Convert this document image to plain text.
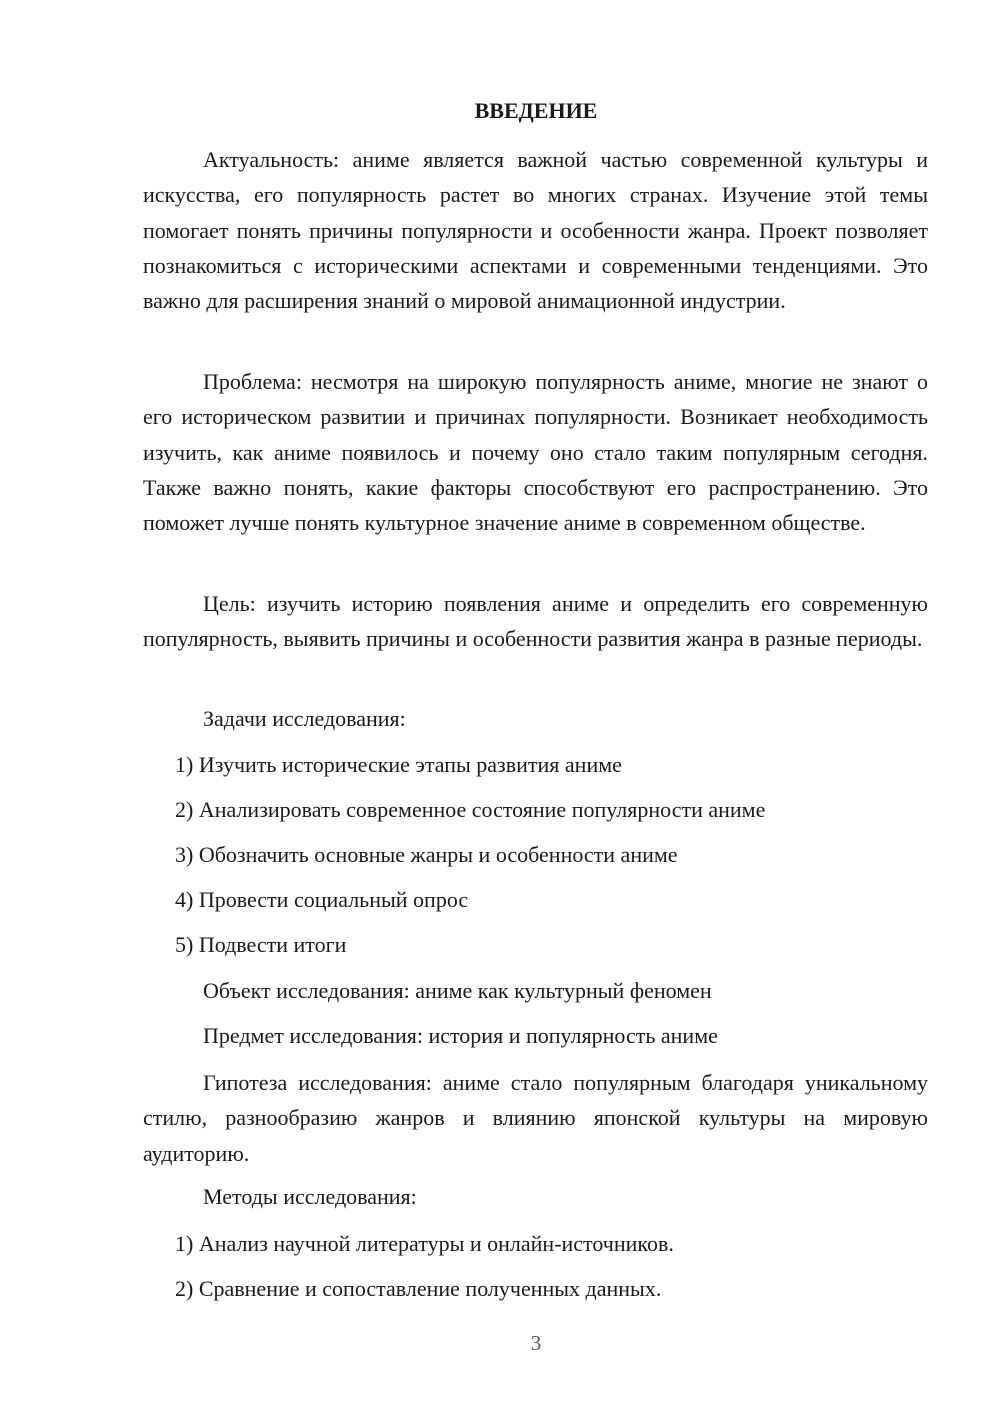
ВВЕДЕНИЕ

Актуальность: аниме является важной частью современной культуры и искусства, его популярность растет во многих странах. Изучение этой темы помогает понять причины популярности и особенности жанра. Проект позволяет познакомиться с историческими аспектами и современными тенденциями. Это важно для расширения знаний о мировой анимационной индустрии.

Проблема: несмотря на широкую популярность аниме, многие не знают о его историческом развитии и причинах популярности. Возникает необходимость изучить, как аниме появилось и почему оно стало таким популярным сегодня. Также важно понять, какие факторы способствуют его распространению. Это поможет лучше понять культурное значение аниме в современном обществе.

Цель: изучить историю появления аниме и определить его современную популярность, выявить причины и особенности развития жанра в разные периоды.

Задачи исследования:
1) Изучить исторические этапы развития аниме
2) Анализировать современное состояние популярности аниме
3) Обозначить основные жанры и особенности аниме
4) Провести социальный опрос
5) Подвести итоги
Объект исследования: аниме как культурный феномен
Предмет исследования: история и популярность аниме

Гипотеза исследования: аниме стало популярным благодаря уникальному стилю, разнообразию жанров и влиянию японской культуры на мировую аудиторию.

Методы исследования:
1) Анализ научной литературы и онлайн-источников.
2) Сравнение и сопоставление полученных данных.
3
